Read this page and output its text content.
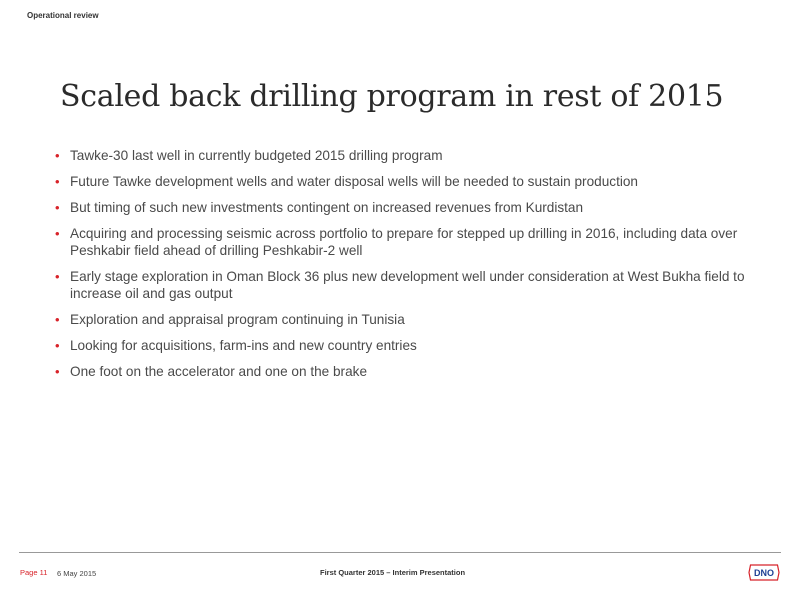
Operational review
Scaled back drilling program in rest of 2015
• Tawke-30 last well in currently budgeted 2015 drilling program
• Future Tawke development wells and water disposal wells will be needed to sustain production
• But timing of such new investments contingent on increased revenues from Kurdistan
• Acquiring and processing seismic across portfolio to prepare for stepped up drilling in 2016, including data over Peshkabir field ahead of drilling Peshkabir-2 well
• Early stage exploration in Oman Block 36 plus new development well under consideration at West Bukha field to increase oil and gas output
• Exploration and appraisal program continuing in Tunisia
• Looking for acquisitions, farm-ins and new country entries
• One foot on the accelerator and one on the brake
Page 11 6 May 2015	First Quarter 2015 – Interim Presentation	DNO
